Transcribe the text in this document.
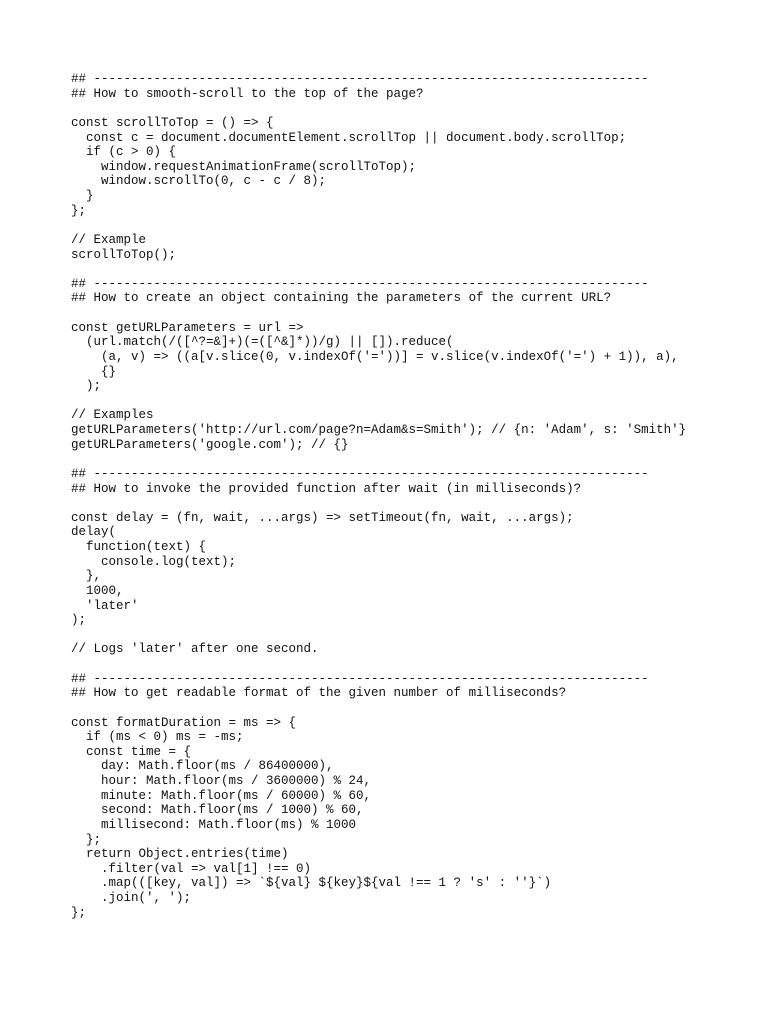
## --------------------------------------------------------------------------
## How to smooth-scroll to the top of the page?
const scrollToTop = () => {
const c = document.documentElement.scrollTop || document.body.scrollTop;
if (c > 0) {
window.requestAnimationFrame(scrollToTop);
window.scrollTo(0, c - c / 8);
}
};
// Example
scrollToTop();
## --------------------------------------------------------------------------
## How to create an object containing the parameters of the current URL?
const getURLParameters = url =>
(url.match(/([^?=&]+)(=([^&]*))/g) || []).reduce(
(a, v) => ((a[v.slice(0, v.indexOf('='))] = v.slice(v.indexOf('=') + 1)), a),
{}
);
// Examples
getURLParameters('http://url.com/page?n=Adam&s=Smith'); // {n: 'Adam', s: 'Smith'}
getURLParameters('google.com'); // {}
## --------------------------------------------------------------------------
## How to invoke the provided function after wait (in milliseconds)?
const delay = (fn, wait, ...args) => setTimeout(fn, wait, ...args);
delay(
function(text) {
console.log(text);
},
1000,
'later'
);
// Logs 'later' after one second.
## --------------------------------------------------------------------------
## How to get readable format of the given number of milliseconds?
const formatDuration = ms => {
if (ms < 0) ms = -ms;
const time = {
day: Math.floor(ms / 86400000),
hour: Math.floor(ms / 3600000) % 24,
minute: Math.floor(ms / 60000) % 60,
second: Math.floor(ms / 1000) % 60,
millisecond: Math.floor(ms) % 1000
};
return Object.entries(time)
.filter(val => val[1] !== 0)
.map(([key, val]) => `${val} ${key}${val !== 1 ? 's' : ''}`)
.join(', ');
};
